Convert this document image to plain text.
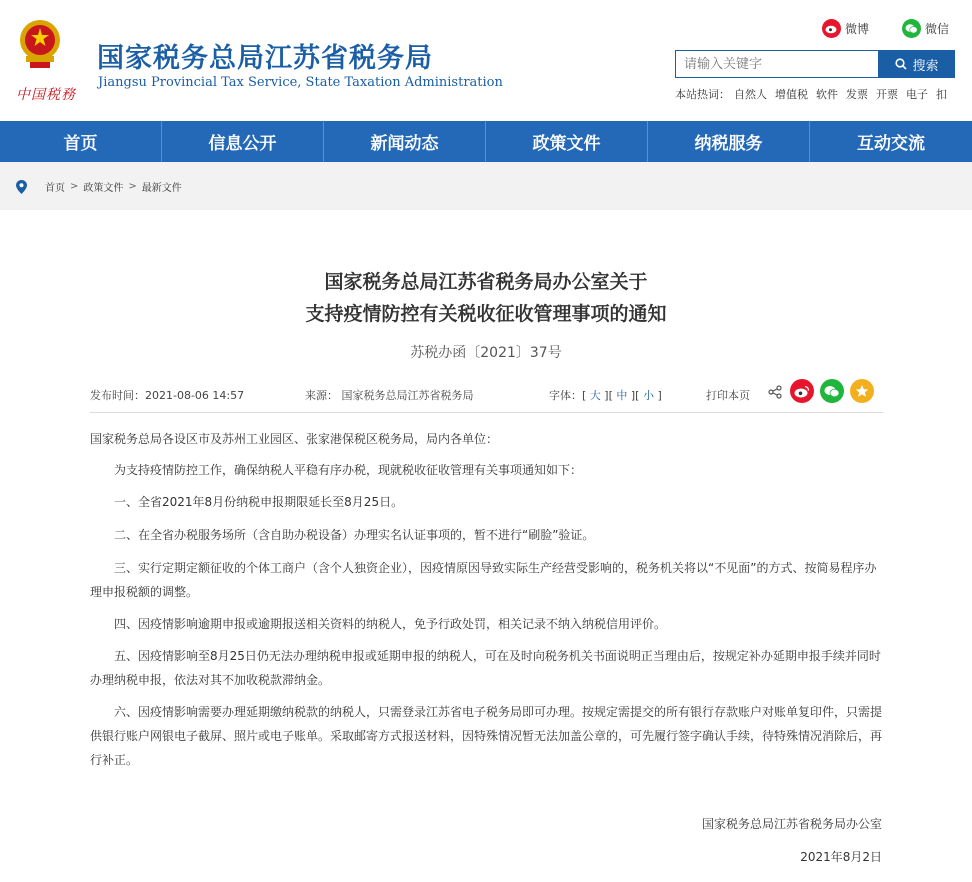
中国税務
国家税务总局江苏省税务局
Jiangsu Provincial Tax Service, State Taxation Administration
微博	微信
请输入关键字
搜索
本站热词： 自然人 增值税 软件 发票 开票 电子 扣
首页	信息公开	新闻动态	政策文件	纳税服务	互动交流
首页 > 政策文件 > 最新文件
国家税务总局江苏省税务局办公室关于
支持疫情防控有关税收征收管理事项的通知
苏税办函〔2021〕37号
发布时间：2021-08-06 14:57	来源： 国家税务总局江苏省税务局	字体：[ 大 ][ 中 ][ 小 ]	打印本页
国家税务总局各设区市及苏州工业园区、张家港保税区税务局，局内各单位：
为支持疫情防控工作，确保纳税人平稳有序办税，现就税收征收管理有关事项通知如下：
一、全省2021年8月份纳税申报期限延长至8月25日。
二、在全省办税服务场所（含自助办税设备）办理实名认证事项的，暂不进行“刷脸”验证。
三、实行定期定额征收的个体工商户（含个人独资企业），因疫情原因导致实际生产经营受影响的，税务机关将以“不见面”的方式、按简易程序办理申报税额的调整。
四、因疫情影响逾期申报或逾期报送相关资料的纳税人，免予行政处罚，相关记录不纳入纳税信用评价。
五、因疫情影响至8月25日仍无法办理纳税申报或延期申报的纳税人，可在及时向税务机关书面说明正当理由后，按规定补办延期申报手续并同时办理纳税申报，依法对其不加收税款滞纳金。
六、因疫情影响需要办理延期缴纳税款的纳税人，只需登录江苏省电子税务局即可办理。按规定需提交的所有银行存款账户对账单复印件，只需提供银行账户网银电子截屏、照片或电子账单。采取邮寄方式报送材料，因特殊情况暂无法加盖公章的，可先履行签字确认手续，待特殊情况消除后，再行补正。
国家税务总局江苏省税务局办公室
2021年8月2日
